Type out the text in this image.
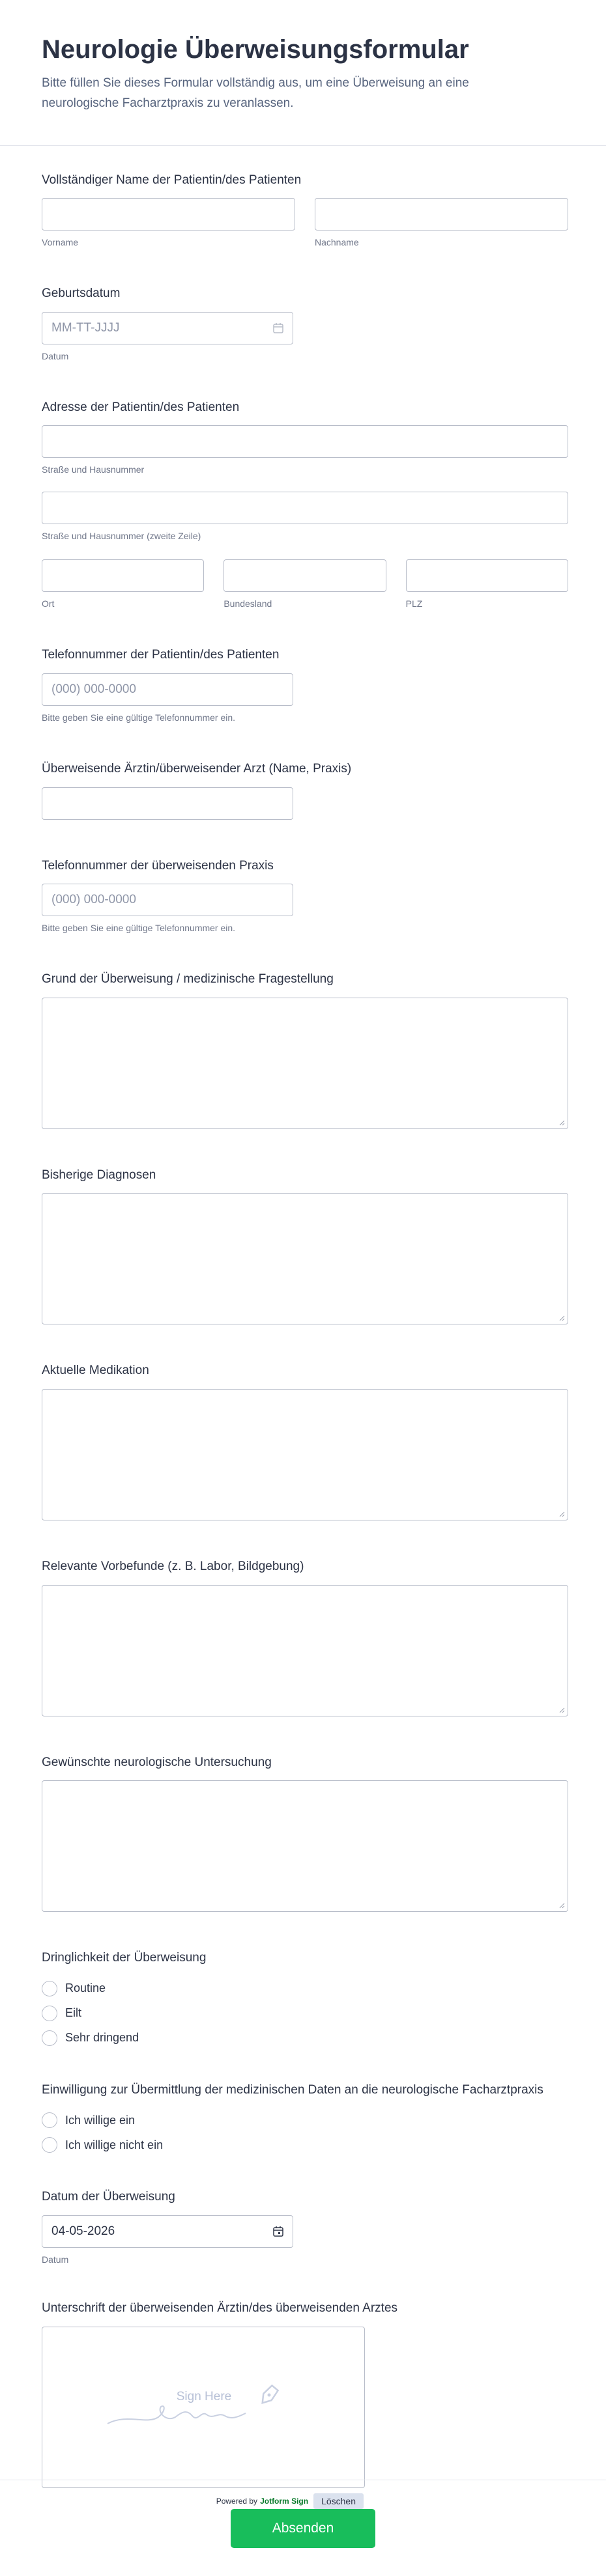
Neurologie Überweisungsformular

Bitte füllen Sie dieses Formular vollständig aus, um eine Überweisung an eine neurologische Facharztpraxis zu veranlassen.

Vollständiger Name der Patientin/des Patienten
Vorname	Nachname
Geburtsdatum
MM-TT-JJJJ
Datum
Adresse der Patientin/des Patienten
Straße und Hausnummer
Straße und Hausnummer (zweite Zeile)
Ort	Bundesland	PLZ
Telefonnummer der Patientin/des Patienten
(000) 000-0000
Bitte geben Sie eine gültige Telefonnummer ein.
Überweisende Ärztin/überweisender Arzt (Name, Praxis)
Telefonnummer der überweisenden Praxis
(000) 000-0000
Bitte geben Sie eine gültige Telefonnummer ein.
Grund der Überweisung / medizinische Fragestellung
Bisherige Diagnosen
Aktuelle Medikation
Relevante Vorbefunde (z. B. Labor, Bildgebung)
Gewünschte neurologische Untersuchung
Dringlichkeit der Überweisung
Routine
Eilt
Sehr dringend
Einwilligung zur Übermittlung der medizinischen Daten an die neurologische Facharztpraxis
Ich willige ein
Ich willige nicht ein
Datum der Überweisung
04-05-2026
Datum
Unterschrift der überweisenden Ärztin/des überweisenden Arztes
Sign Here
Powered by Jotform Sign	Löschen
Absenden
